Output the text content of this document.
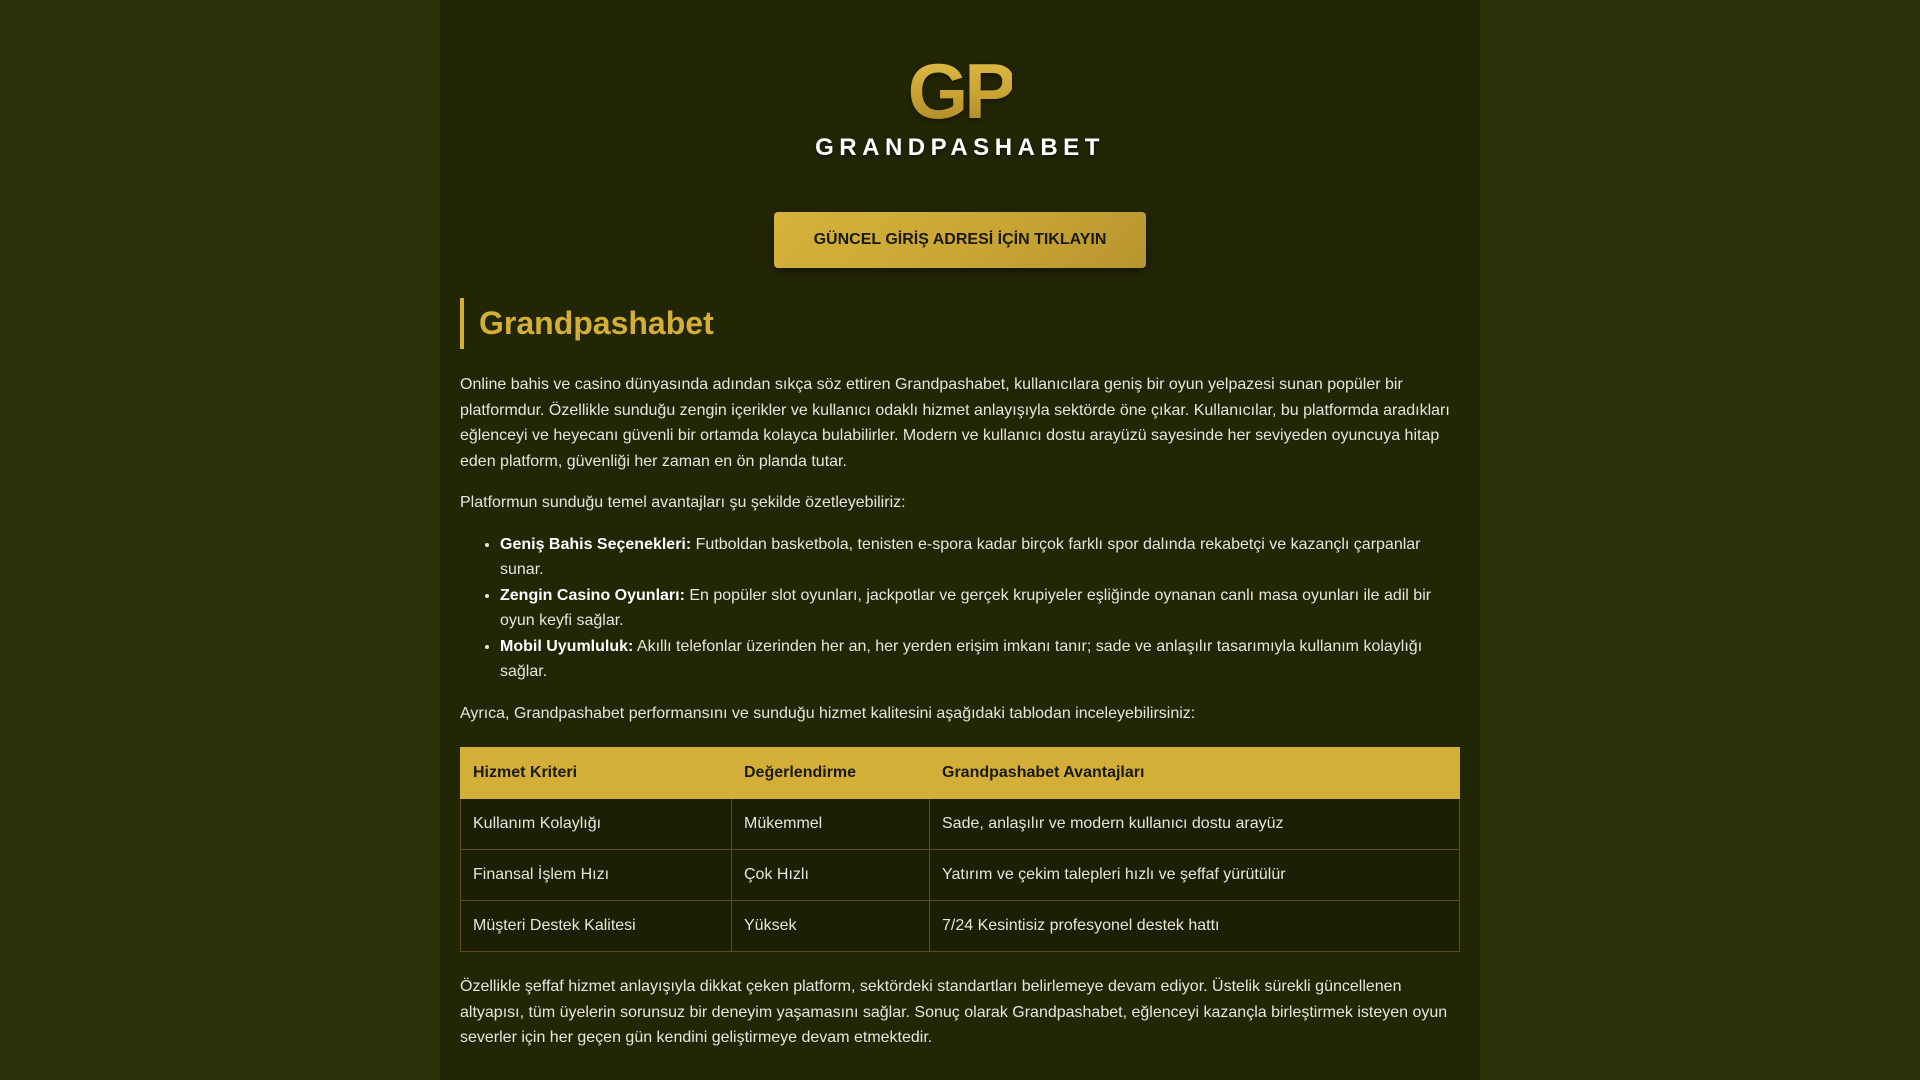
GP
GRANDPASHABET
GÜNCEL GİRİŞ ADRESİ İÇİN TIKLAYIN
Grandpashabet

Online bahis ve casino dünyasında adından sıkça söz ettiren Grandpashabet, kullanıcılara geniş bir oyun yelpazesi sunan popüler bir platformdur. Özellikle sunduğu zengin içerikler ve kullanıcı odaklı hizmet anlayışıyla sektörde öne çıkar. Kullanıcılar, bu platformda aradıkları eğlenceyi ve heyecanı güvenli bir ortamda kolayca bulabilirler. Modern ve kullanıcı dostu arayüzü sayesinde her seviyeden oyuncuya hitap eden platform, güvenliği her zaman en ön planda tutar.

Platformun sunduğu temel avantajları şu şekilde özetleyebiliriz:

• Geniş Bahis Seçenekleri: Futboldan basketbola, tenisten e-spora kadar birçok farklı spor dalında rekabetçi ve kazançlı çarpanlar sunar.
• Zengin Casino Oyunları: En popüler slot oyunları, jackpotlar ve gerçek krupiyeler eşliğinde oynanan canlı masa oyunları ile adil bir oyun keyfi sağlar.
• Mobil Uyumluluk: Akıllı telefonlar üzerinden her an, her yerden erişim imkanı tanır; sade ve anlaşılır tasarımıyla kullanım kolaylığı sağlar.

Ayrıca, Grandpashabet performansını ve sunduğu hizmet kalitesini aşağıdaki tablodan inceleyebilirsiniz:

Hizmet Kriteri	Değerlendirme	Grandpashabet Avantajları
Kullanım Kolaylığı	Mükemmel	Sade, anlaşılır ve modern kullanıcı dostu arayüz
Finansal İşlem Hızı	Çok Hızlı	Yatırım ve çekim talepleri hızlı ve şeffaf yürütülür
Müşteri Destek Kalitesi	Yüksek	7/24 Kesintisiz profesyonel destek hattı

Özellikle şeffaf hizmet anlayışıyla dikkat çeken platform, sektördeki standartları belirlemeye devam ediyor. Üstelik sürekli güncellenen altyapısı, tüm üyelerin sorunsuz bir deneyim yaşamasını sağlar. Sonuç olarak Grandpashabet, eğlenceyi kazançla birleştirmek isteyen oyun severler için her geçen gün kendini geliştirmeye devam etmektedir.
